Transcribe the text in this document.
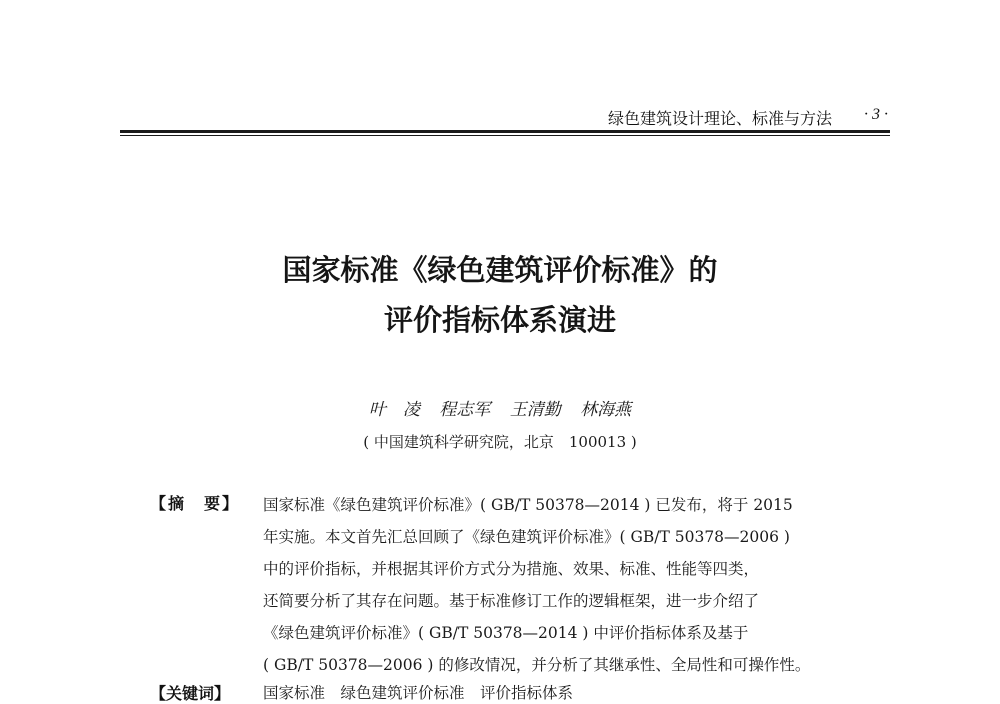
绿色建筑设计理论、标准与方法 · 3 ·
国家标准《绿色建筑评价标准》的
评价指标体系演进
叶　凌 程志军 王清勤 林海燕
( 中国建筑科学研究院，北京　100013 )
【摘　要】 国家标准《绿色建筑评价标准》( GB/T 50378—2014 ) 已发布，将于 2015
年实施。本文首先汇总回顾了《绿色建筑评价标准》( GB/T 50378—2006 )
中的评价指标，并根据其评价方式分为措施、效果、标准、性能等四类，
还简要分析了其存在问题。基于标准修订工作的逻辑框架，进一步介绍了
《绿色建筑评价标准》( GB/T 50378—2014 ) 中评价指标体系及基于
( GB/T 50378—2006 ) 的修改情况，并分析了其继承性、全局性和可操作性。
【关键词】 国家标准　绿色建筑评价标准　评价指标体系
